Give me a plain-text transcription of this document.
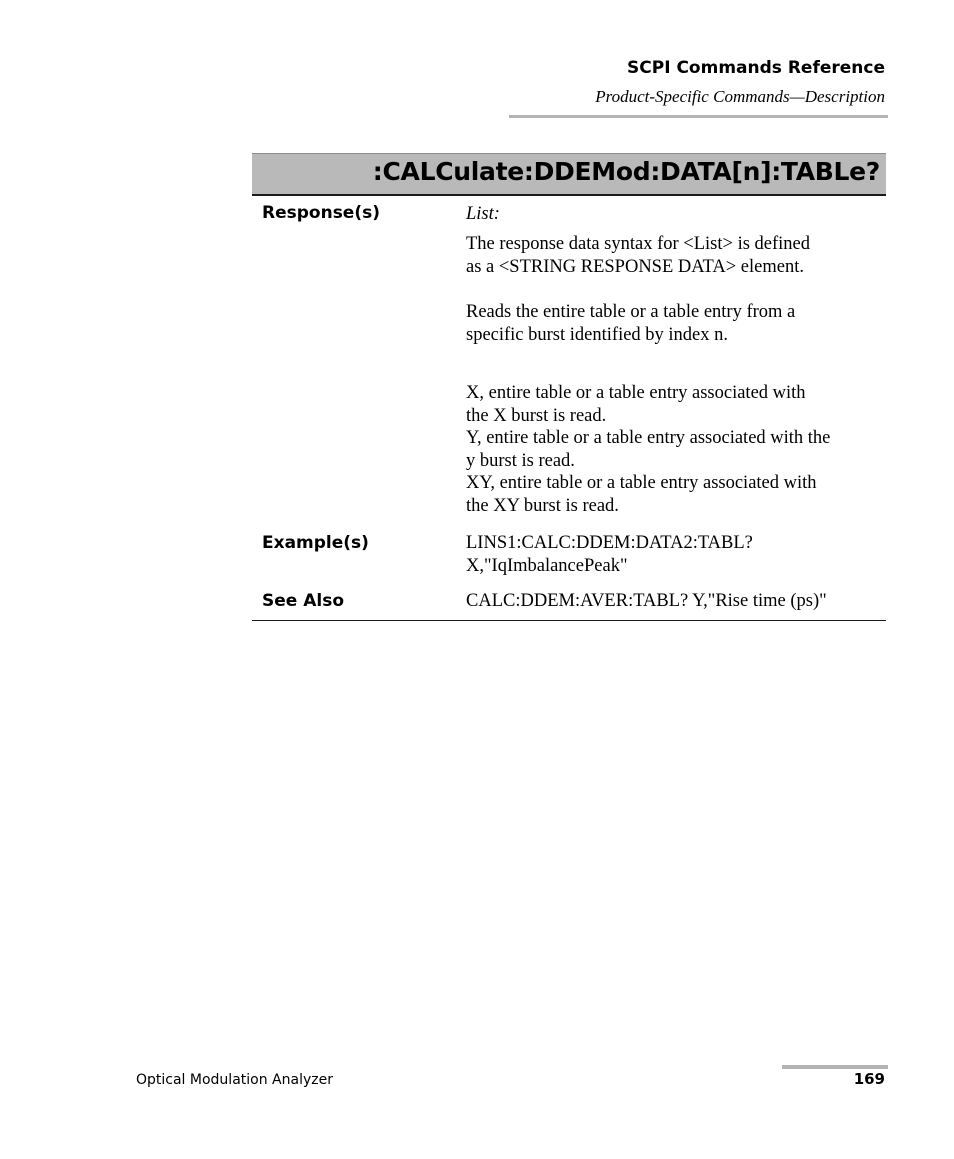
SCPI Commands Reference
Product-Specific Commands—Description
:CALCulate:DDEMod:DATA[n]:TABLe?
Response(s)	List:
The response data syntax for <List> is defined
as a <STRING RESPONSE DATA> element.
Reads the entire table or a table entry from a
specific burst identified by index n.
X, entire table or a table entry associated with
the X burst is read.
Y, entire table or a table entry associated with the
y burst is read.
XY, entire table or a table entry associated with
the XY burst is read.
Example(s)	LINS1:CALC:DDEM:DATA2:TABL?
X,"IqImbalancePeak"
See Also	CALC:DDEM:AVER:TABL? Y,"Rise time (ps)"
Optical Modulation Analyzer	169
